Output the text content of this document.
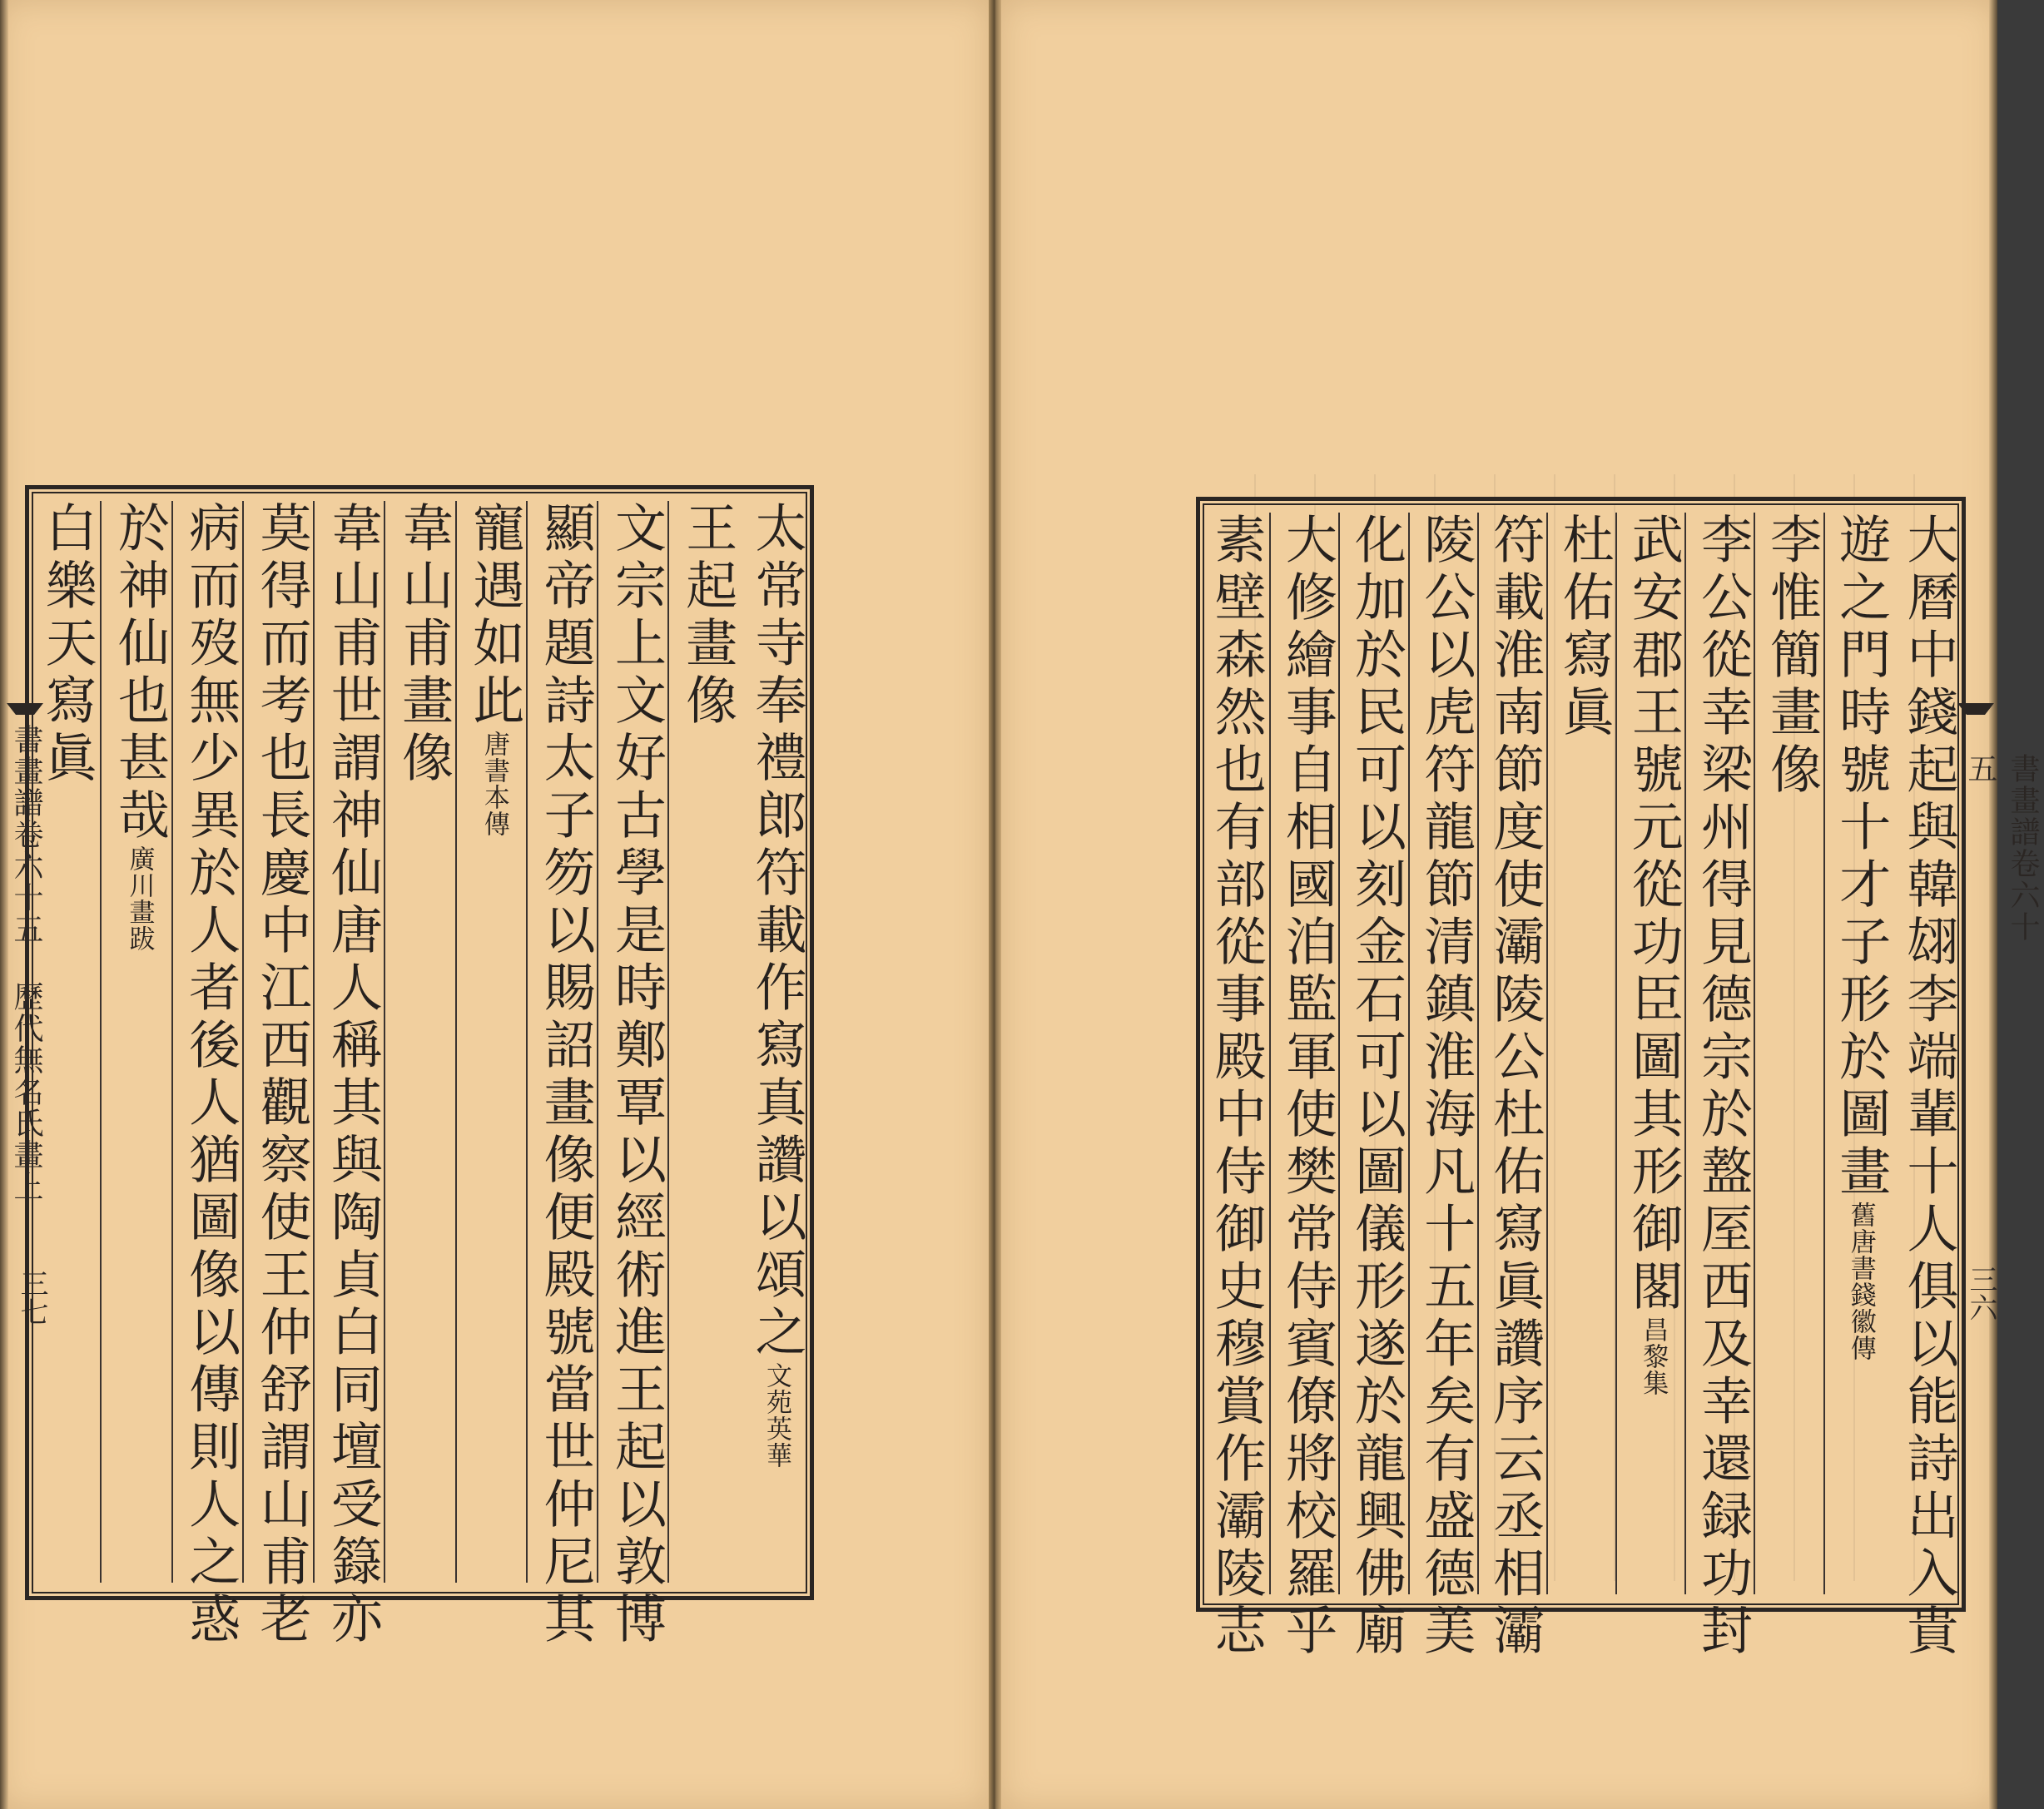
太常寺奉禮郎符載作寫真讚以頌之文苑英華
王起畫像
文宗上文好古學是時鄭覃以經術進王起以敦博
顯帝題詩太子笏以賜詔畫像便殿號當世仲尼其
寵遇如此唐書本傳
韋山甫畫像
韋山甫世謂神仙唐人稱其與陶貞白同壇受籙亦
莫得而考也長慶中江西觀察使王仲舒謂山甫老
病而歿無少異於人者後人猶圖像以傳則人之惑
於神仙也甚哉廣川畫跋
白樂天寫眞	大曆中錢起與韓翃李端輩十人俱以能詩出入貴
遊之門時號十才子形於圖畫舊唐書錢徽傳
李惟簡畫像
李公從幸梁州得見德宗於盩厔西及幸還録功封
武安郡王號元從功臣圖其形御閣昌黎集
杜佑寫眞
符載淮南節度使灞陵公杜佑寫眞讚序云丞相灞
陵公以虎符龍節清鎮淮海凡十五年矣有盛德美
化加於民可以刻金石可以圖儀形遂於龍興佛廟
大修繪事自相國洎監軍使樊常侍賓僚將校羅乎
素壁森然也有部從事殿中侍御史穆賞作灞陵志
書畫譜卷六十五 歷代無名氏畫上	書畫譜卷六十五
三七	三六
